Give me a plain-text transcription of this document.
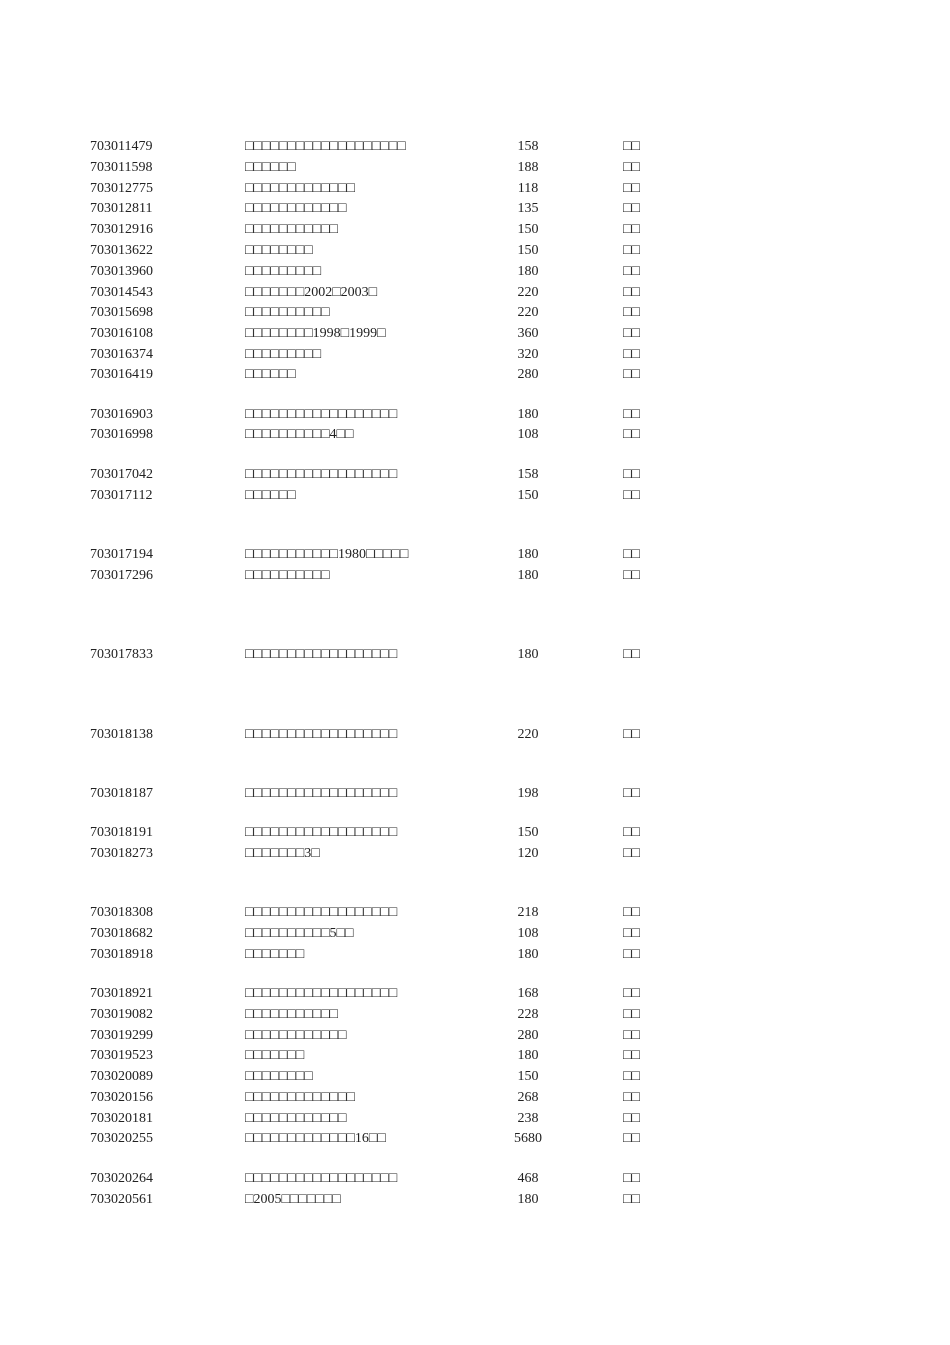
703011479	□□□□□□□□□□□□□□□□□□□	158	□□
703011598	□□□□□□	188	□□
703012775	□□□□□□□□□□□□□	118	□□
703012811	□□□□□□□□□□□□	135	□□
703012916	□□□□□□□□□□□	150	□□
703013622	□□□□□□□□	150	□□
703013960	□□□□□□□□□	180	□□
703014543	□□□□□□□2002□2003□	220	□□
703015698	□□□□□□□□□□	220	□□
703016108	□□□□□□□□1998□1999□	360	□□
703016374	□□□□□□□□□	320	□□
703016419	□□□□□□	280	□□
703016903	□□□□□□□□□□□□□□□□□□	180	□□
703016998	□□□□□□□□□□4□□	108	□□
703017042	□□□□□□□□□□□□□□□□□□	158	□□
703017112	□□□□□□	150	□□
703017194	□□□□□□□□□□□1980□□□□□	180	□□
703017296	□□□□□□□□□□	180	□□
703017833	□□□□□□□□□□□□□□□□□□	180	□□
703018138	□□□□□□□□□□□□□□□□□□	220	□□
703018187	□□□□□□□□□□□□□□□□□□	198	□□
703018191	□□□□□□□□□□□□□□□□□□	150	□□
703018273	□□□□□□□3□	120	□□
703018308	□□□□□□□□□□□□□□□□□□	218	□□
703018682	□□□□□□□□□□5□□	108	□□
703018918	□□□□□□□	180	□□
703018921	□□□□□□□□□□□□□□□□□□	168	□□
703019082	□□□□□□□□□□□	228	□□
703019299	□□□□□□□□□□□□	280	□□
703019523	□□□□□□□	180	□□
703020089	□□□□□□□□	150	□□
703020156	□□□□□□□□□□□□□	268	□□
703020181	□□□□□□□□□□□□	238	□□
703020255	□□□□□□□□□□□□□16□□	5680	□□
703020264	□□□□□□□□□□□□□□□□□□	468	□□
703020561	□2005□□□□□□□	180	□□
